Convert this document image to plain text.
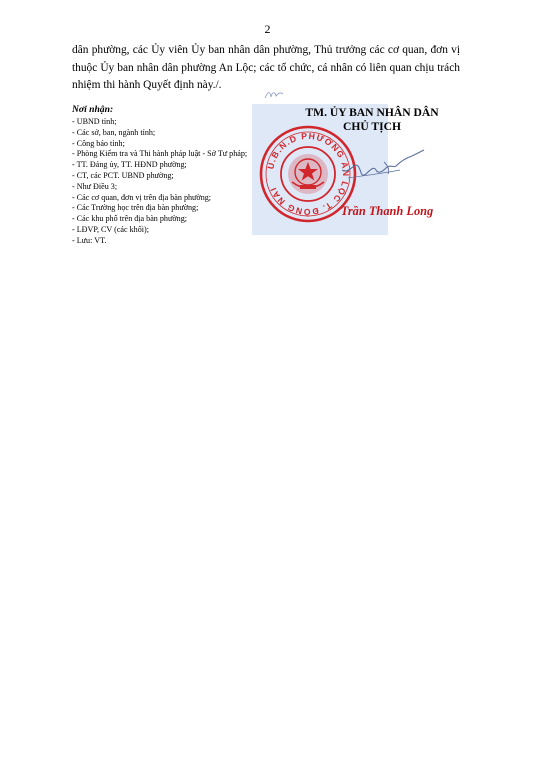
2
dân phường, các Ủy viên Ủy ban nhân dân phường, Thủ trưởng các cơ quan, đơn vị thuộc Ủy ban nhân dân phường An Lộc; các tổ chức, cá nhân có liên quan chịu trách nhiệm thi hành Quyết định này./.
Nơi nhận:
- UBND tỉnh;
- Các sở, ban, ngành tỉnh;
- Công báo tỉnh;
- Phòng Kiểm tra và Thi hành pháp luật - Sở Tư pháp;
- TT. Đảng ủy, TT. HĐND phường;
- CT, các PCT. UBND phường;
- Như Điều 3;
- Các cơ quan, đơn vị trên địa bàn phường;
- Các Trường học trên địa bàn phường;
- Các khu phố trên địa bàn phường;
- LĐVP, CV (các khối);
- Lưu: VT.
U.B.N.D PHƯỜNG AN LỘC T. ĐỒNG NAI
TM. ỦY BAN NHÂN DÂN
CHỦ TỊCH
Trần Thanh Long
